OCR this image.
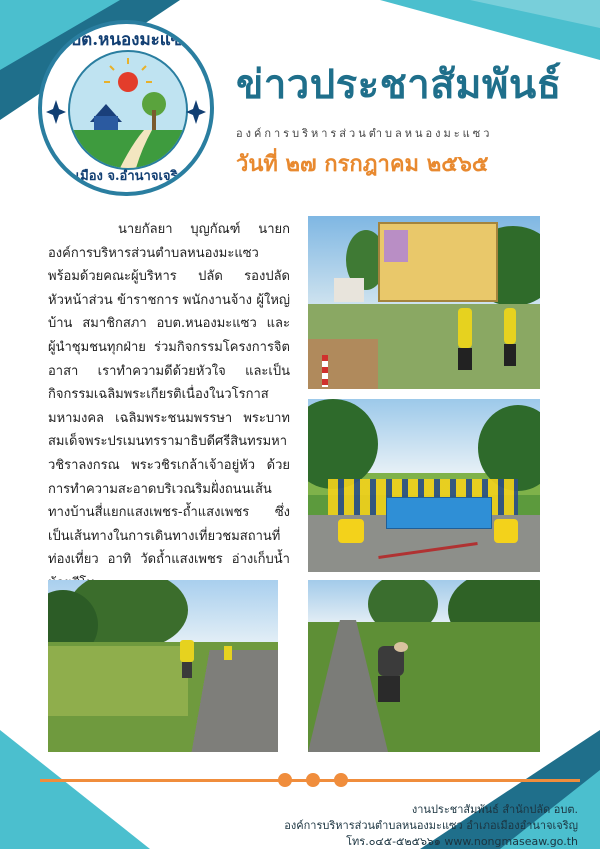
อบต.หนองมะแซว
อ.เมือง จ.อำนาจเจริญ
ข่าวประชาสัมพันธ์
องค์การบริหารส่วนตำบลหนองมะแซว
วันที่ ๒๗ กรกฎาคม ๒๕๖๕
นายกัลยา บุญกัณฑ์ นายกองค์การบริหารส่วนตำบลหนองมะแซว พร้อมด้วยคณะผู้บริหาร ปลัด รองปลัด หัวหน้าส่วน ข้าราชการ พนักงานจ้าง ผู้ใหญ่บ้าน สมาชิกสภา อบต.หนองมะแซว และผู้นำชุมชนทุกฝ่าย ร่วมกิจกรรมโครงการจิตอาสา เราทำความดีด้วยหัวใจ และเป็นกิจกรรมเฉลิมพระเกียรติเนื่องในวโรกาสมหามงคล เฉลิมพระชนมพรรษา พระบาทสมเด็จพระปรเมนทรรามาธิบดีศรีสินทรมหาวชิราลงกรณ พระวชิรเกล้าเจ้าอยู่หัว ด้วยการทำความสะอาดบริเวณริมฝั่งถนนเส้นทางบ้านสี่แยกแสงเพชร-ถ้ำแสงเพชร ซึ่งเป็นเส้นทางในการเดินทางเที่ยวชมสถานที่ท่องเที่ยว อาทิ วัดถ้ำแสงเพชร อ่างเก็บน้ำ
งานประชาสัมพันธ์ สำนักปลัด อบต.
องค์การบริหารส่วนตำบลหนองมะแซว อำเภอเมืองอำนาจเจริญ
โทร.๐๔๕-๕๒๕๖๖๑ www.nongmaseaw.go.th
